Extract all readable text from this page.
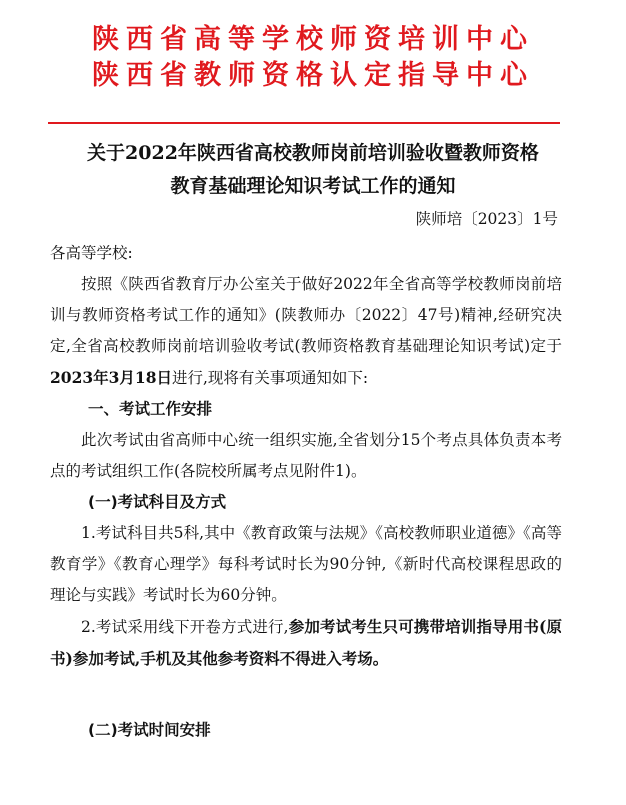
陕西省高等学校师资培训中心
陕西省教师资格认定指导中心
关于2022年陕西省高校教师岗前培训验收暨教师资格
教育基础理论知识考试工作的通知
陕师培〔2023〕1号

各高等学校:

按照《陕西省教育厅办公室关于做好2022年全省高等学校教师岗前培训与教师资格考试工作的通知》(陕教师办〔2022〕47号)精神,经研究决定,全省高校教师岗前培训验收考试(教师资格教育基础理论知识考试)定于2023年3月18日进行,现将有关事项通知如下:

一、考试工作安排

此次考试由省高师中心统一组织实施,全省划分15个考点具体负责本考点的考试组织工作(各院校所属考点见附件1)。

(一)考试科目及方式

1.考试科目共5科,其中《教育政策与法规》《高校教师职业道德》《高等教育学》《教育心理学》每科考试时长为90分钟,《新时代高校课程思政的理论与实践》考试时长为60分钟。

2.考试采用线下开卷方式进行,参加考试考生只可携带培训指导用书(原书)参加考试,手机及其他参考资料不得进入考场。

(二)考试时间安排
